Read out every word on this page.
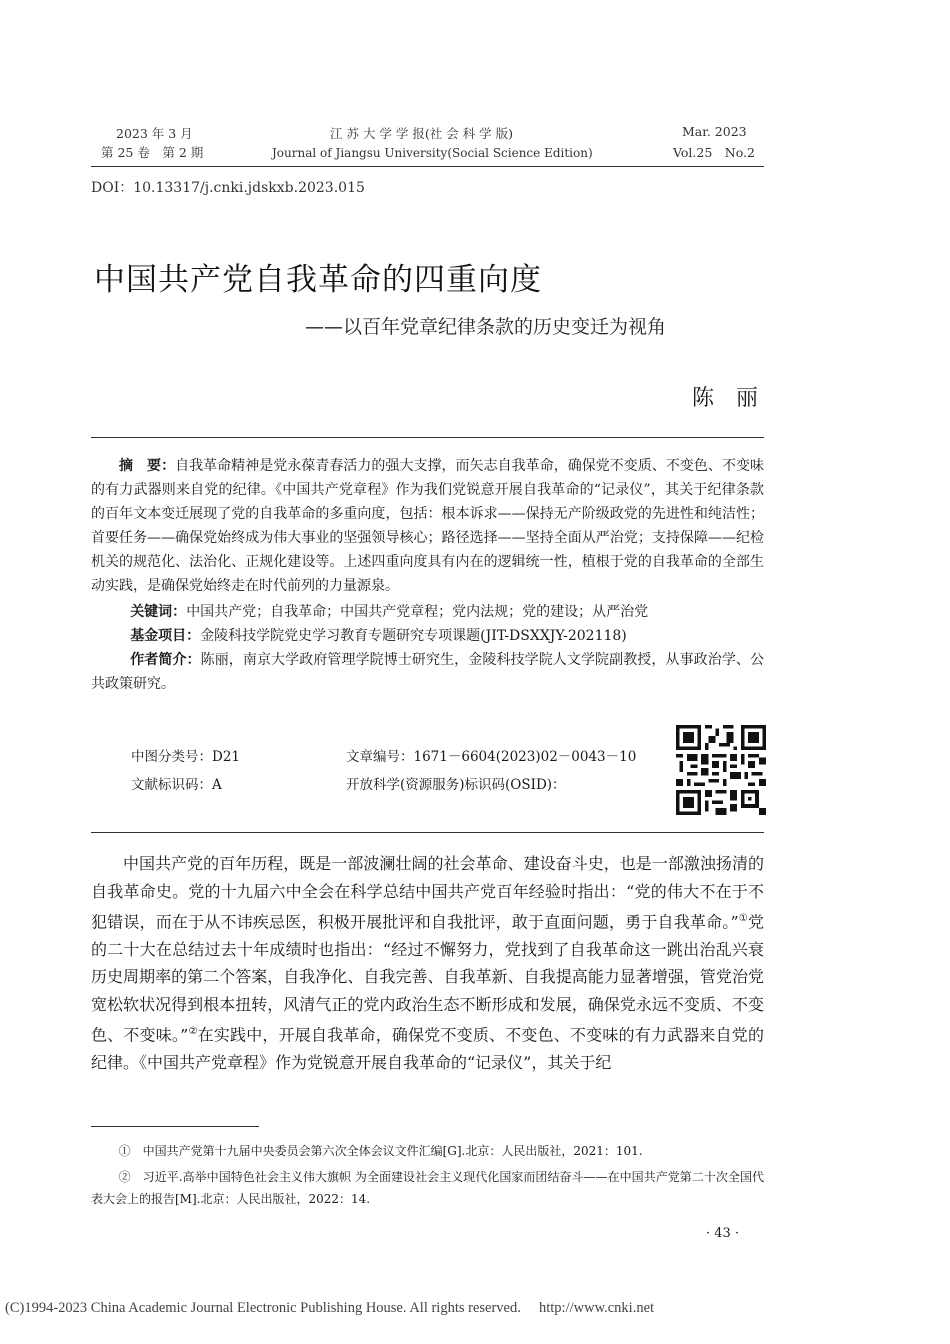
2023 年 3 月
第 25 卷　第 2 期
江 苏 大 学 学 报(社 会 科 学 版)
Journal of Jiangsu University(Social Science Edition)
Mar. 2023
Vol.25　No.2
DOI：10.13317/j.cnki.jdskxb.2023.015
中国共产党自我革命的四重向度
——以百年党章纪律条款的历史变迁为视角
陈丽

摘　要：自我革命精神是党永葆青春活力的强大支撑，而矢志自我革命，确保党不变质、不变色、不变味的有力武器则来自党的纪律。《中国共产党章程》作为我们党锐意开展自我革命的“记录仪”，其关于纪律条款的百年文本变迁展现了党的自我革命的多重向度，包括：根本诉求——保持无产阶级政党的先进性和纯洁性；首要任务——确保党始终成为伟大事业的坚强领导核心；路径选择——坚持全面从严治党；支持保障——纪检机关的规范化、法治化、正规化建设等。上述四重向度具有内在的逻辑统一性，植根于党的自我革命的全部生动实践，是确保党始终走在时代前列的力量源泉。

关键词：中国共产党；自我革命；中国共产党章程；党内法规；党的建设；从严治党

基金项目：金陵科技学院党史学习教育专题研究专项课题(JIT-DSXXJY-202118)

作者简介：陈丽，南京大学政府管理学院博士研究生，金陵科技学院人文学院副教授，从事政治学、公共政策研究。

中图分类号：D21
文献标识码：A
文章编号：1671－6604(2023)02－0043－10
开放科学(资源服务)标识码(OSID)：

中国共产党的百年历程，既是一部波澜壮阔的社会革命、建设奋斗史，也是一部激浊扬清的自我革命史。党的十九届六中全会在科学总结中国共产党百年经验时指出：“党的伟大不在于不犯错误，而在于从不讳疾忌医，积极开展批评和自我批评，敢于直面问题，勇于自我革命。”①党的二十大在总结过去十年成绩时也指出：“经过不懈努力，党找到了自我革命这一跳出治乱兴衰历史周期率的第二个答案，自我净化、自我完善、自我革新、自我提高能力显著增强，管党治党宽松软状况得到根本扭转，风清气正的党内政治生态不断形成和发展，确保党永远不变质、不变色、不变味。”②在实践中，开展自我革命，确保党不变质、不变色、不变味的有力武器来自党的纪律。《中国共产党章程》作为党锐意开展自我革命的“记录仪”，其关于纪

①　中国共产党第十九届中央委员会第六次全体会议文件汇编[G].北京：人民出版社，2021：101.

②　习近平.高举中国特色社会主义伟大旗帜 为全面建设社会主义现代化国家而团结奋斗——在中国共产党第二十次全国代表大会上的报告[M].北京：人民出版社，2022：14.

· 43 ·
(C)1994-2023 China Academic Journal Electronic Publishing House. All rights reserved.　 http://www.cnki.net
